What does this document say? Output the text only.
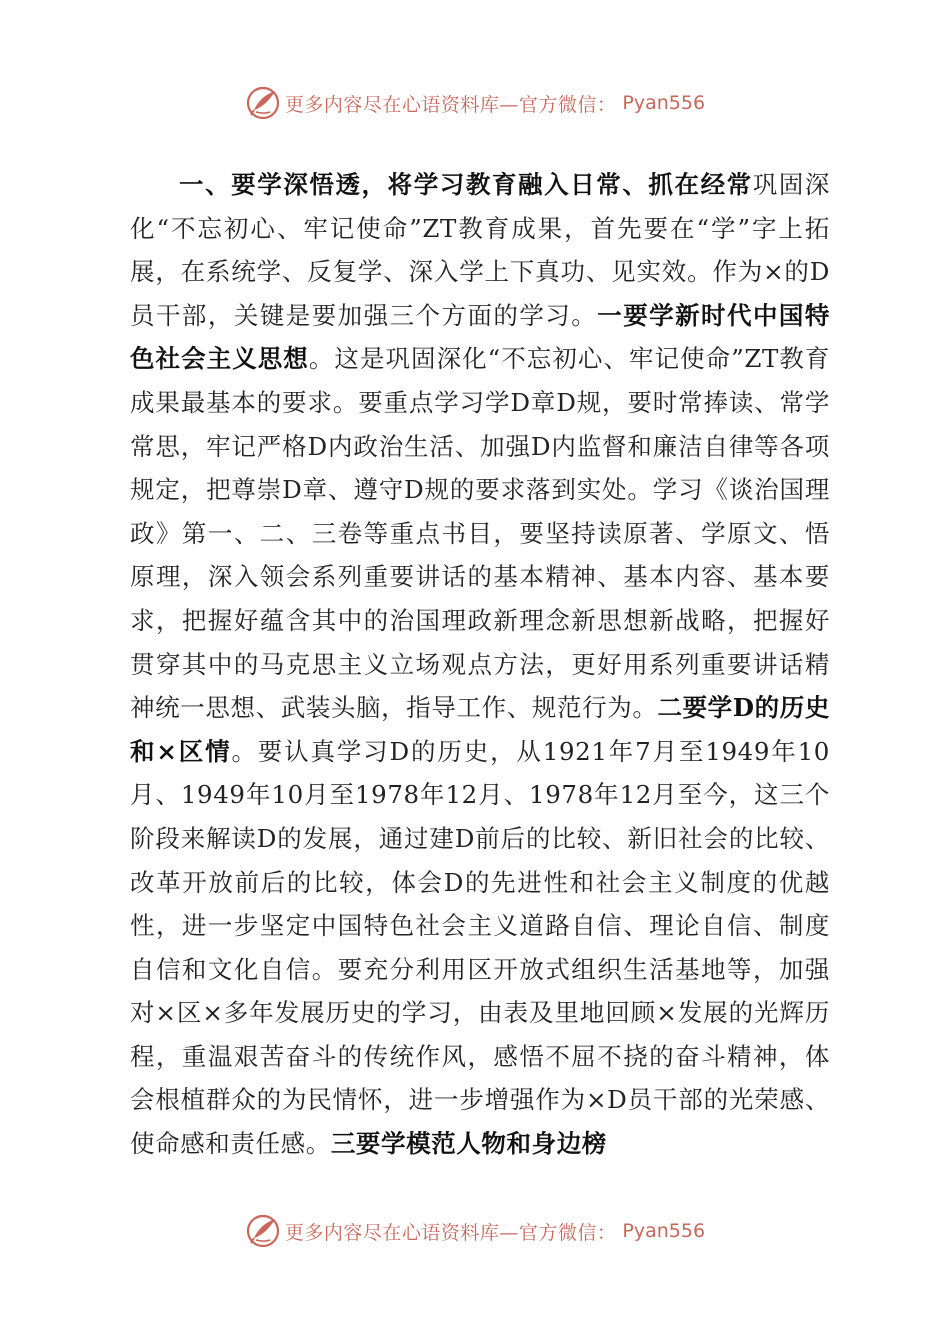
更多内容尽在心语资料库—官方微信： Pyan556

一、要学深悟透，将学习教育融入日常、抓在经常巩固深化“不忘初心、牢记使命”ZT教育成果，首先要在“学”字上拓展，在系统学、反复学、深入学上下真功、见实效。作为×的D员干部，关键是要加强三个方面的学习。一要学新时代中国特色社会主义思想。这是巩固深化“不忘初心、牢记使命”ZT教育成果最基本的要求。要重点学习学D章D规，要时常捧读、常学常思，牢记严格D内政治生活、加强D内监督和廉洁自律等各项规定，把尊崇D章、遵守D规的要求落到实处。学习《谈治国理政》第一、二、三卷等重点书目，要坚持读原著、学原文、悟原理，深入领会系列重要讲话的基本精神、基本内容、基本要求，把握好蕴含其中的治国理政新理念新思想新战略，把握好贯穿其中的马克思主义立场观点方法，更好用系列重要讲话精神统一思想、武装头脑，指导工作、规范行为。二要学D的历史和×区情。要认真学习D的历史，从1921年7月至1949年10月、1949年10月至1978年12月、1978年12月至今，这三个阶段来解读D的发展，通过建D前后的比较、新旧社会的比较、改革开放前后的比较，体会D的先进性和社会主义制度的优越性，进一步坚定中国特色社会主义道路自信、理论自信、制度自信和文化自信。要充分利用区开放式组织生活基地等，加强对×区×多年发展历史的学习，由表及里地回顾×发展的光辉历程，重温艰苦奋斗的传统作风，感悟不屈不挠的奋斗精神，体会根植群众的为民情怀，进一步增强作为×D员干部的光荣感、使命感和责任感。三要学模范人物和身边榜

更多内容尽在心语资料库—官方微信： Pyan556
